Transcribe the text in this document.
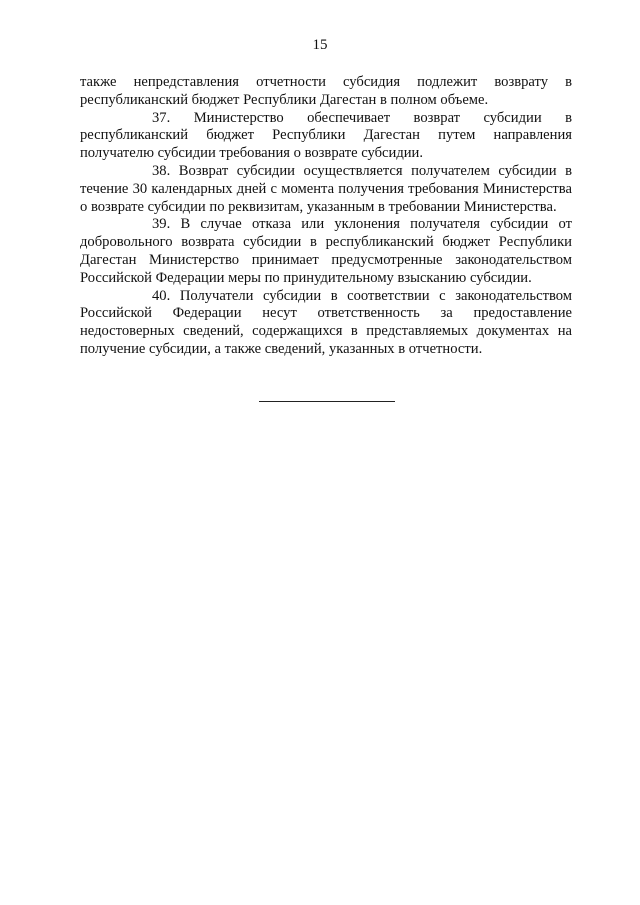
15

также непредставления отчетности субсидия подлежит возврату в республиканский бюджет Республики Дагестан в полном объеме.

37. Министерство обеспечивает возврат субсидии в республиканский бюджет Республики Дагестан путем направления получателю субсидии требования о возврате субсидии.

38. Возврат субсидии осуществляется получателем субсидии в течение 30 календарных дней с момента получения требования Министерства о возврате субсидии по реквизитам, указанным в требовании Министерства.

39. В случае отказа или уклонения получателя субсидии от добровольного возврата субсидии в республиканский бюджет Республики Дагестан Министерство принимает предусмотренные законодательством Российской Федерации меры по принудительному взысканию субсидии.

40. Получатели субсидии в соответствии с законодательством Российской Федерации несут ответственность за предоставление недостоверных сведений, содержащихся в представляемых документах на получение субсидии, а также сведений, указанных в отчетности.
